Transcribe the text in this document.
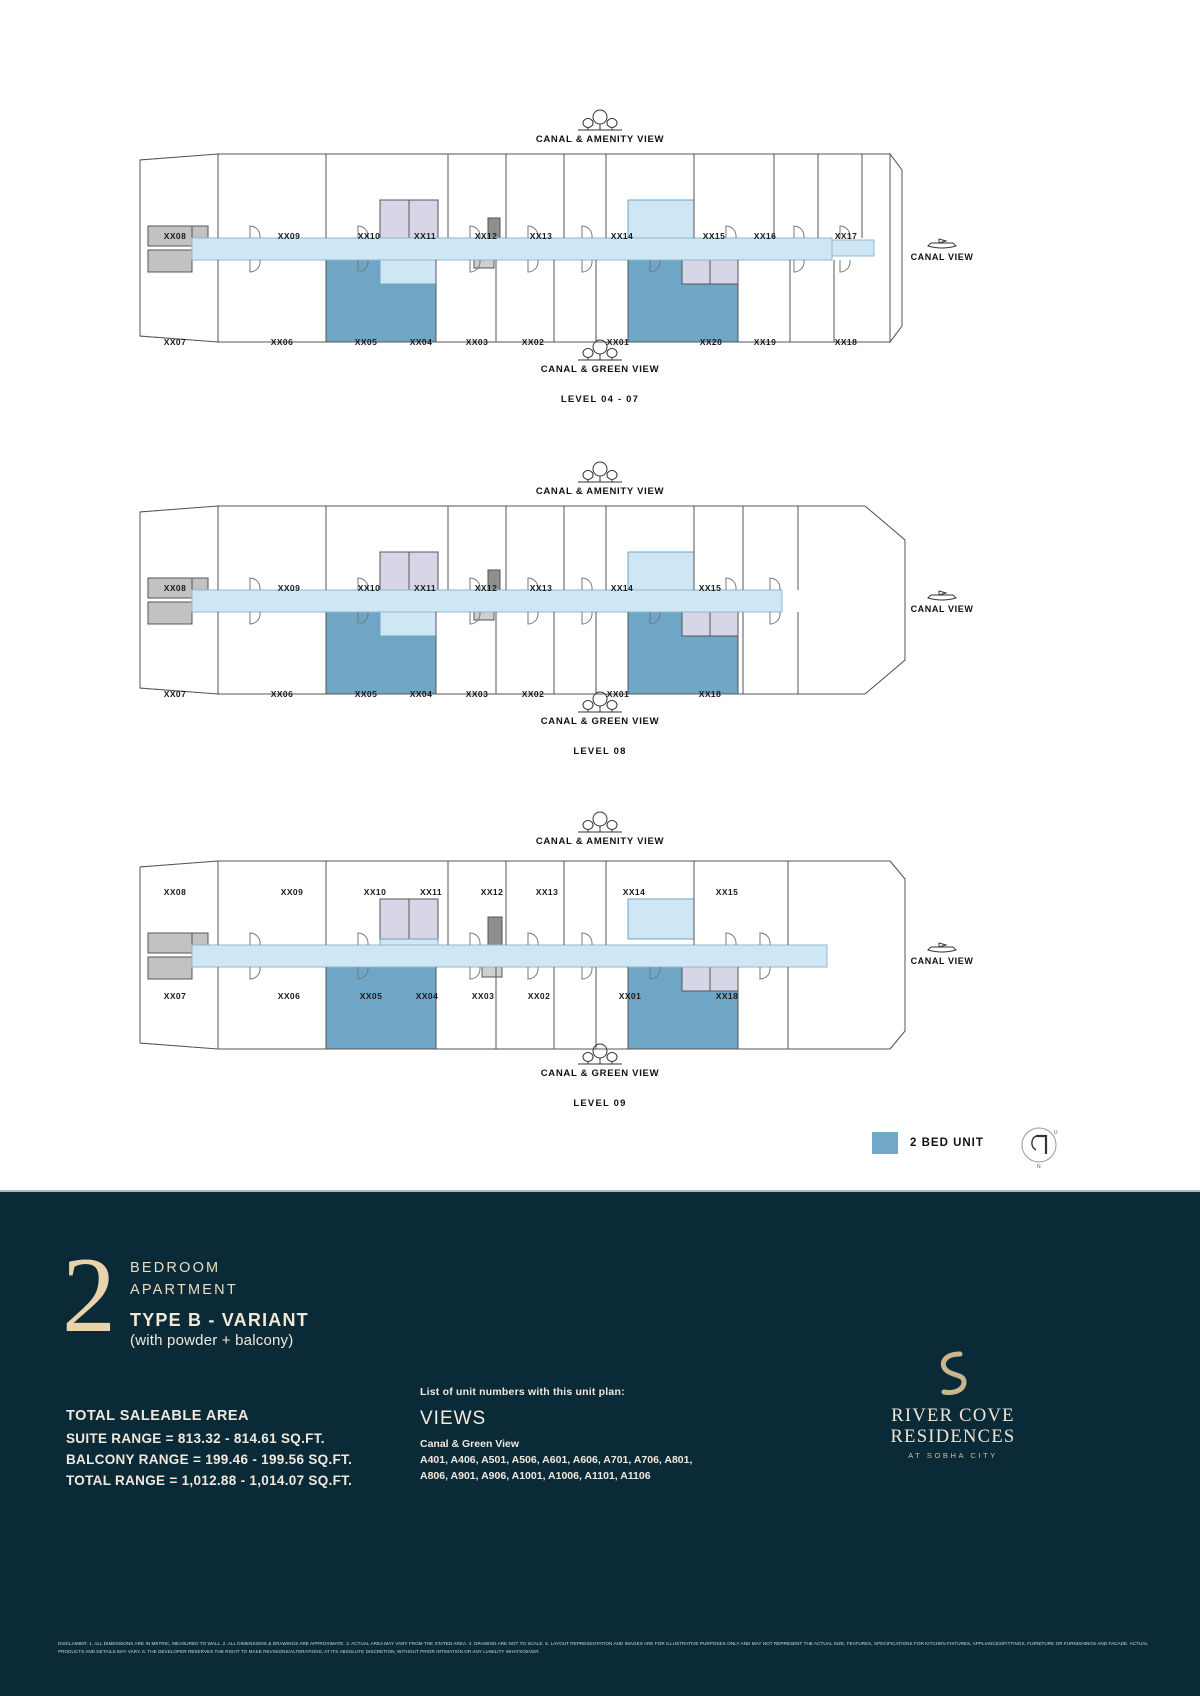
CANAL & AMENITY VIEW
XX08	XX09	XX10	XX11	XX12	XX13	XX14	XX15	XX16	XX17
XX07	XX06	XX05	XX04	XX03	XX02	XX01	XX20	XX19	XX18
CANAL VIEW
CANAL & GREEN VIEW
LEVEL 04 - 07
CANAL & AMENITY VIEW
XX08	XX09	XX10	XX11	XX12	XX13	XX14	XX15
XX07	XX06	XX05	XX04	XX03	XX02	XX01	XX18
CANAL VIEW
CANAL & GREEN VIEW
LEVEL 08
CANAL & AMENITY VIEW
XX08	XX09	XX10	XX11	XX12	XX13	XX14	XX15
XX07	XX06	XX05	XX04	XX03	XX02	XX01	XX18
CANAL VIEW
CANAL & GREEN VIEW
LEVEL 09
2 BED UNIT
N
U
2 BEDROOM
APARTMENT
TYPE B - VARIANT
(with powder + balcony)
TOTAL SALEABLE AREA
SUITE RANGE = 813.32 - 814.61 SQ.FT.
BALCONY RANGE = 199.46 - 199.56 SQ.FT.
TOTAL RANGE = 1,012.88 - 1,014.07 SQ.FT.
List of unit numbers with this unit plan:
VIEWS
Canal & Green View
A401, A406, A501, A506, A601, A606, A701, A706, A801,
A806, A901, A906, A1001, A1006, A1101, A1106
RIVER COVE RESIDENCES
AT SOBHA CITY
DISCLAIMER: 1. ALL DIMENSIONS ARE IN METRIC, MEASURED TO WALL. 2. ALL DIMENSIONS & DRAWINGS ARE APPROXIMATE. 3. ACTUAL AREA MAY VARY FROM THE STATED AREA. 4. DRAWING ARE NOT TO SCALE. 5. LAYOUT REPRESENTATION AND IMAGES ARE FOR ILLUSTRATIVE PURPOSES ONLY AND MAY NOT REPRESENT THE ACTUAL SIZE, FEATURES, SPECIFICATIONS FOR KITCHEN FIXTURES, APPLIANCES/FITTINGS, FURNITURE OR FURNISHINGS AND FACADE. ACTUAL PRODUCTS AND DETAILS MAY VARY. 6. THE DEVELOPER RESERVES THE RIGHT TO MAKE REVISIONS/ALTERATIONS, AT ITS ABSOLUTE DISCRETION, WITHOUT PRIOR INTIMATION OR ANY LIABILITY WHATSOEVER.
